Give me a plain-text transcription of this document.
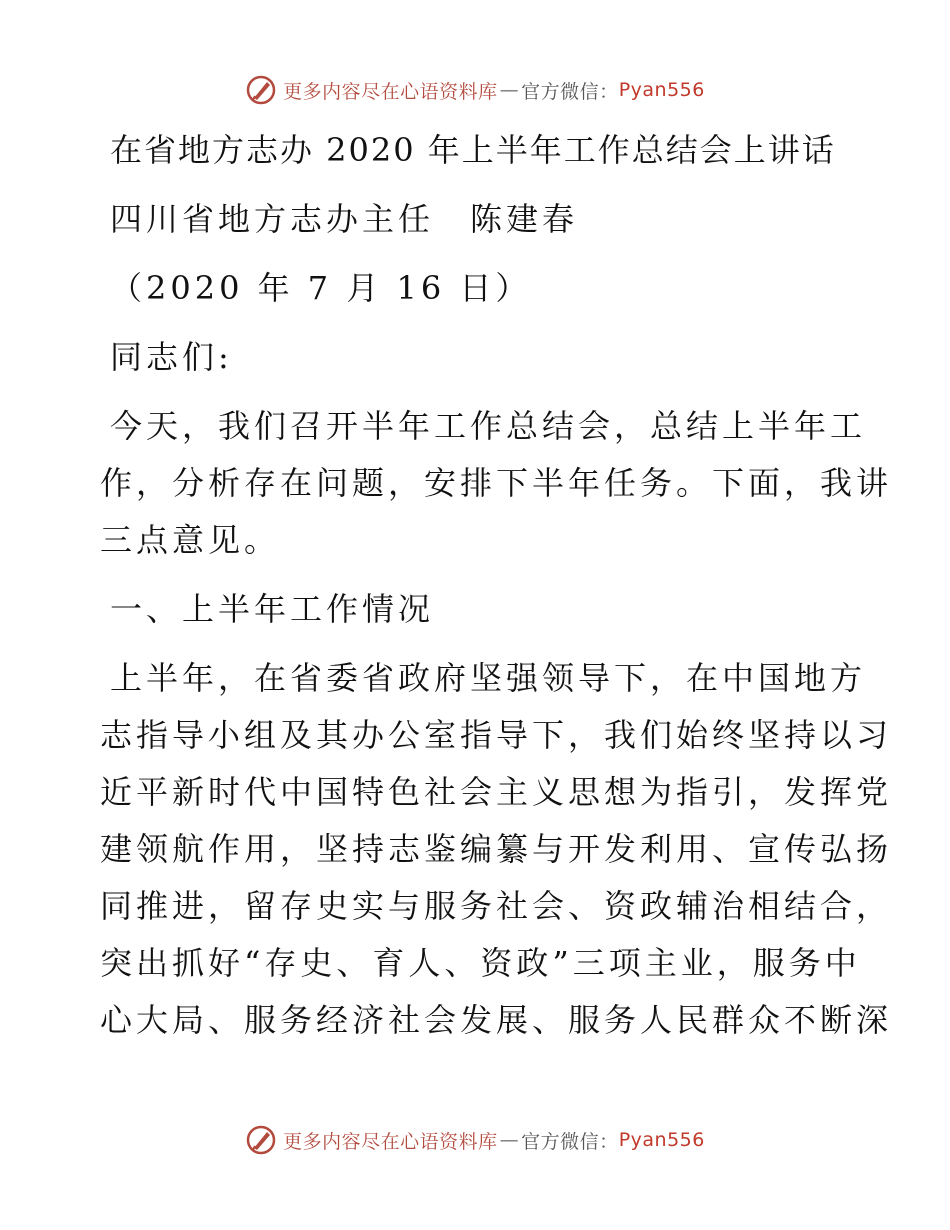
更多内容尽在心语资料库 — 官方微信： Pyan556
在省地方志办 2020 年上半年工作总结会上讲话
四川省地方志办主任　陈建春
（2020 年 7 月 16 日）
同志们:
今天，我们召开半年工作总结会，总结上半年工
作，分析存在问题，安排下半年任务。下面，我讲
三点意见。
一、上半年工作情况
上半年，在省委省政府坚强领导下，在中国地方
志指导小组及其办公室指导下，我们始终坚持以习
近平新时代中国特色社会主义思想为指引，发挥党
建领航作用，坚持志鉴编纂与开发利用、宣传弘扬
同推进，留存史实与服务社会、资政辅治相结合，
突出抓好“存史、育人、资政”三项主业，服务中
心大局、服务经济社会发展、服务人民群众不断深
更多内容尽在心语资料库 — 官方微信： Pyan556
